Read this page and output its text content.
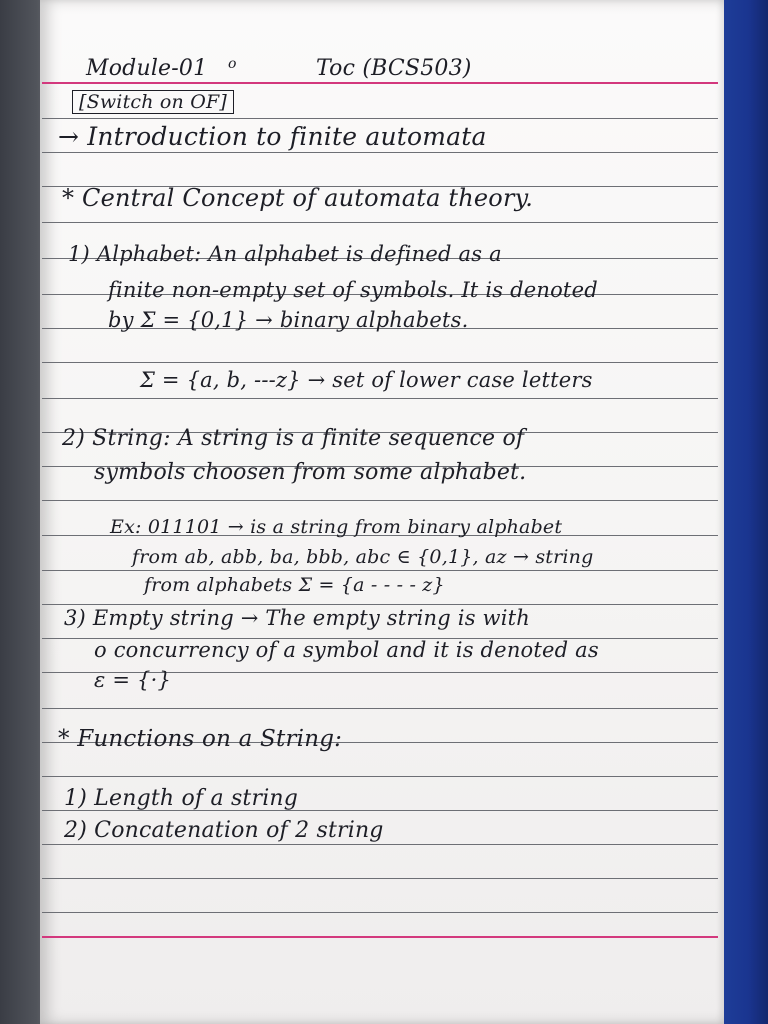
Module-01 o	Toc (BCS503)
[Switch on OF]
→ Introduction to finite automata
* Central Concept of automata theory.
1) Alphabet: An alphabet is defined as a
finite non-empty set of symbols. It is denoted
by Σ = {0,1} → binary alphabets.
Σ = {a, b, ---z} → set of lower case letters
2) String: A string is a finite sequence of
symbols choosen from some alphabet.
Ex: 011101 → is a string from binary alphabet
from ab, abb, ba, bbb, abc ∈ {0,1}, az → string
from alphabets Σ = {a - - - - z}
3) Empty string → The empty string is with
o concurrency of a symbol and it is denoted as
ε = {·}
* Functions on a String:
1) Length of a string
2) Concatenation of 2 string
